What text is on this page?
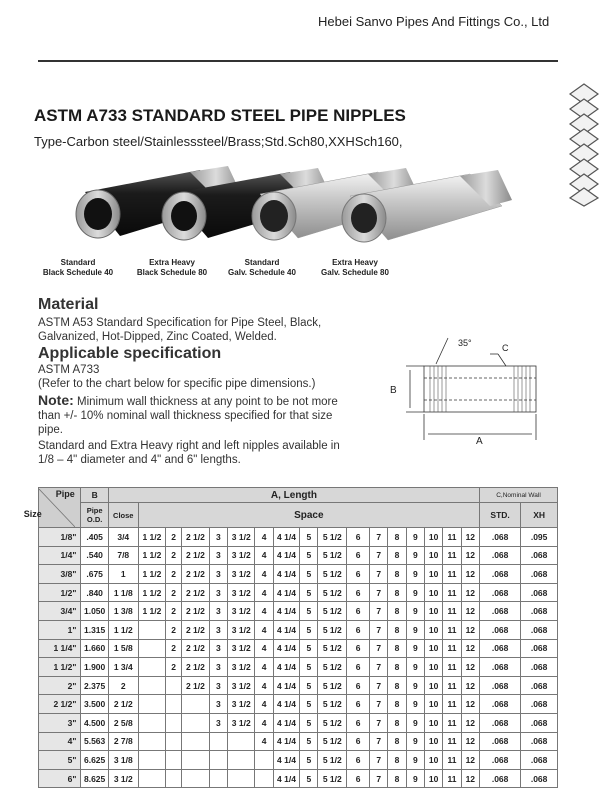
Hebei Sanvo Pipes And Fittings Co., Ltd
ASTM A733 STANDARD STEEL PIPE NIPPLES
Type-Carbon steel/Stainlesssteel/Brass;Std.Sch80,XXHSch160,
Standard
Black Schedule 40
Extra Heavy
Black Schedule 80
Standard
Galv. Schedule 40
Extra Heavy
Galv. Schedule 80
Material
ASTM A53 Standard Specification for Pipe Steel, Black, Galvanized, Hot-Dipped, Zinc Coated, Welded.
Applicable specification
ASTM A733
(Refer to the chart below for specific pipe dimensions.)
Note: Minimum wall thickness at any point to be not more than +/- 10% nominal wall thickness specified for that size pipe.
Standard and Extra Heavy right and left nipples available in 1/8 – 4" diameter and 4" and 6" lengths.
35°	C
B
A
Pipe
Size	B	A, Length																	C,Nominal Wall	
	Pipe O.D.	Close	Space																STD.	XH
1/8"	.405	3/4	1 1/2	2	2 1/2	3	3 1/2	4	4 1/4	5	5 1/2	6	7	8	9	10	11	12	.068	.095
1/4"	.540	7/8	1 1/2	2	2 1/2	3	3 1/2	4	4 1/4	5	5 1/2	6	7	8	9	10	11	12	.068	.068
3/8"	.675	1	1 1/2	2	2 1/2	3	3 1/2	4	4 1/4	5	5 1/2	6	7	8	9	10	11	12	.068	.068
1/2"	.840	1 1/8	1 1/2	2	2 1/2	3	3 1/2	4	4 1/4	5	5 1/2	6	7	8	9	10	11	12	.068	.068
3/4"	1.050	1 3/8	1 1/2	2	2 1/2	3	3 1/2	4	4 1/4	5	5 1/2	6	7	8	9	10	11	12	.068	.068
1"	1.315	1 1/2		2	2 1/2	3	3 1/2	4	4 1/4	5	5 1/2	6	7	8	9	10	11	12	.068	.068
1 1/4"	1.660	1 5/8		2	2 1/2	3	3 1/2	4	4 1/4	5	5 1/2	6	7	8	9	10	11	12	.068	.068
1 1/2"	1.900	1 3/4		2	2 1/2	3	3 1/2	4	4 1/4	5	5 1/2	6	7	8	9	10	11	12	.068	.068
2"	2.375	2			2 1/2	3	3 1/2	4	4 1/4	5	5 1/2	6	7	8	9	10	11	12	.068	.068
2 1/2"	3.500	2 1/2				3	3 1/2	4	4 1/4	5	5 1/2	6	7	8	9	10	11	12	.068	.068
3"	4.500	2 5/8				3	3 1/2	4	4 1/4	5	5 1/2	6	7	8	9	10	11	12	.068	.068
4"	5.563	2 7/8						4	4 1/4	5	5 1/2	6	7	8	9	10	11	12	.068	.068
5"	6.625	3 1/8							4 1/4	5	5 1/2	6	7	8	9	10	11	12	.068	.068
6"	8.625	3 1/2							4 1/4	5	5 1/2	6	7	8	9	10	11	12	.068	.068
